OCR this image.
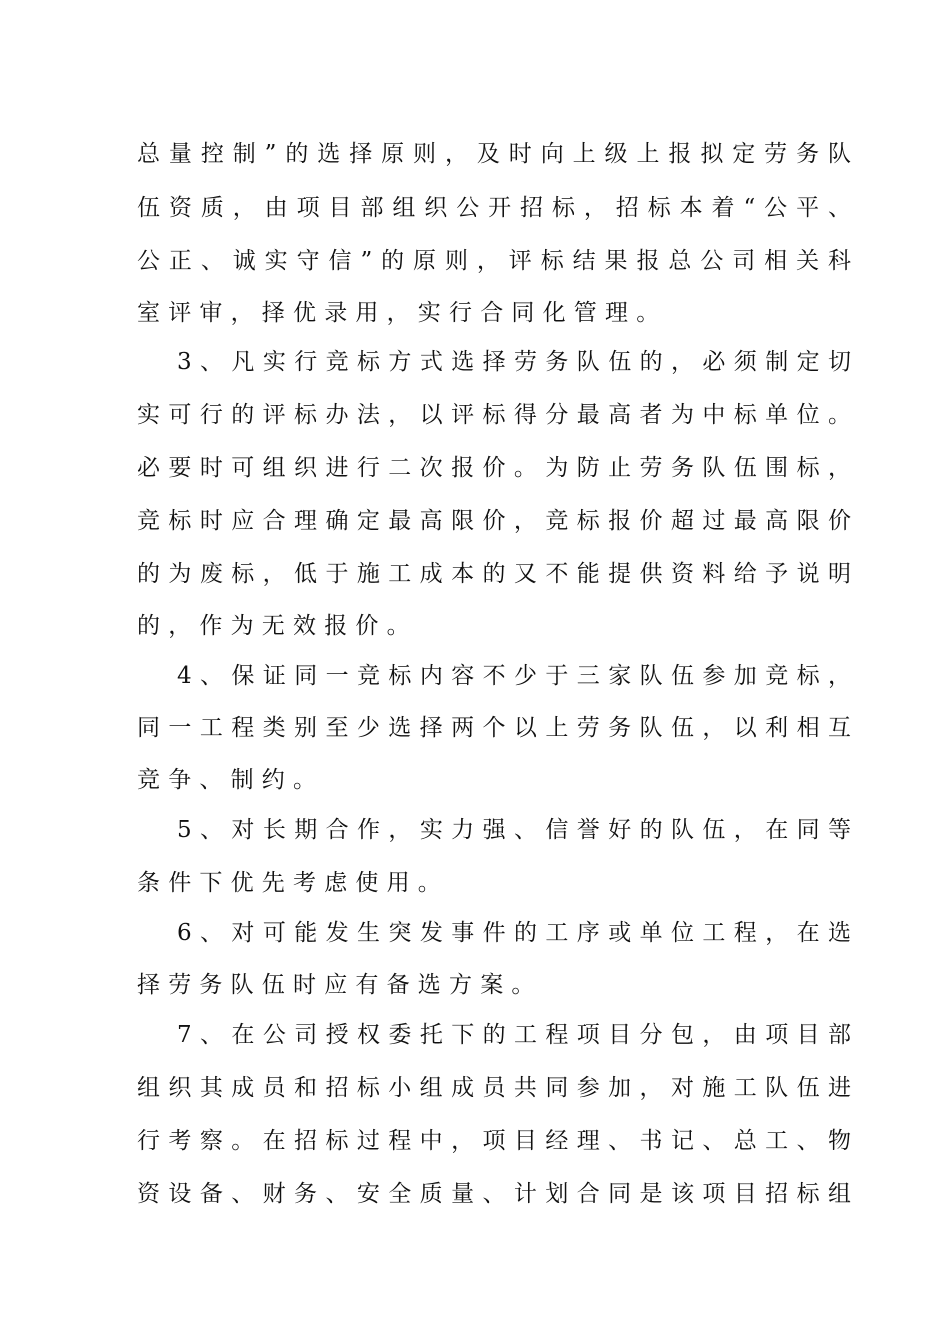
总量控制”的选择原则，及时向上级上报拟定劳务队
伍资质，由项目部组织公开招标，招标本着“公平、
公正、诚实守信”的原则，评标结果报总公司相关科
室评审，择优录用，实行合同化管理。
3、凡实行竞标方式选择劳务队伍的，必须制定切
实可行的评标办法，以评标得分最高者为中标单位。
必要时可组织进行二次报价。为防止劳务队伍围标，
竞标时应合理确定最高限价，竞标报价超过最高限价
的为废标，低于施工成本的又不能提供资料给予说明
的，作为无效报价。
4、保证同一竞标内容不少于三家队伍参加竞标，
同一工程类别至少选择两个以上劳务队伍，以利相互
竞争、制约。
5、对长期合作，实力强、信誉好的队伍，在同等
条件下优先考虑使用。
6、对可能发生突发事件的工序或单位工程，在选
择劳务队伍时应有备选方案。
7、在公司授权委托下的工程项目分包，由项目部
组织其成员和招标小组成员共同参加，对施工队伍进
行考察。在招标过程中，项目经理、书记、总工、物
资设备、财务、安全质量、计划合同是该项目招标组
